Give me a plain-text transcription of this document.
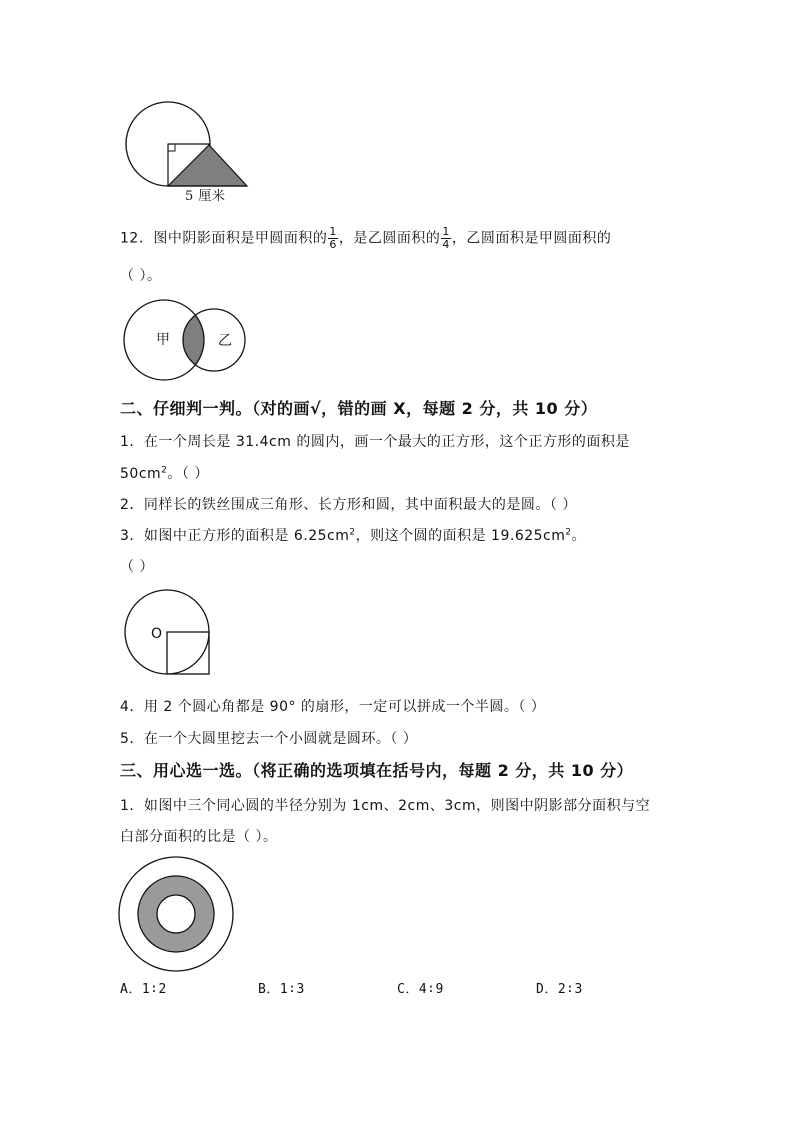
5 厘米
12．图中阴影面积是甲圆面积的 $\frac{1}{6}$ ，是乙圆面积的 $\frac{1}{4}$ ，乙圆面积是甲圆面积的
（ ）。
甲	乙
二、仔细判一判。（对的画√，错的画 X，每题 2 分，共 10 分）
1．在一个周长是 31.4cm 的圆内，画一个最大的正方形，这个正方形的面积是
$50cm^2$。（ ）
2．同样长的铁丝围成三角形、长方形和圆，其中面积最大的是圆。（ ）
3．如图中正方形的面积是 $6.25cm^2$，则这个圆的面积是 $19.625cm^2$。
（ ）
O
4．用 2 个圆心角都是 90° 的扇形，一定可以拼成一个半圆。（ ）
5．在一个大圆里挖去一个小圆就是圆环。（ ）
三、用心选一选。（将正确的选项填在括号内，每题 2 分，共 10 分）
1．如图中三个同心圆的半径分别为 1cm、2cm、3cm，则图中阴影部分面积与空
白部分面积的比是（ ）。
A．1∶2	B．1∶3	C．4∶9	D．2∶3
